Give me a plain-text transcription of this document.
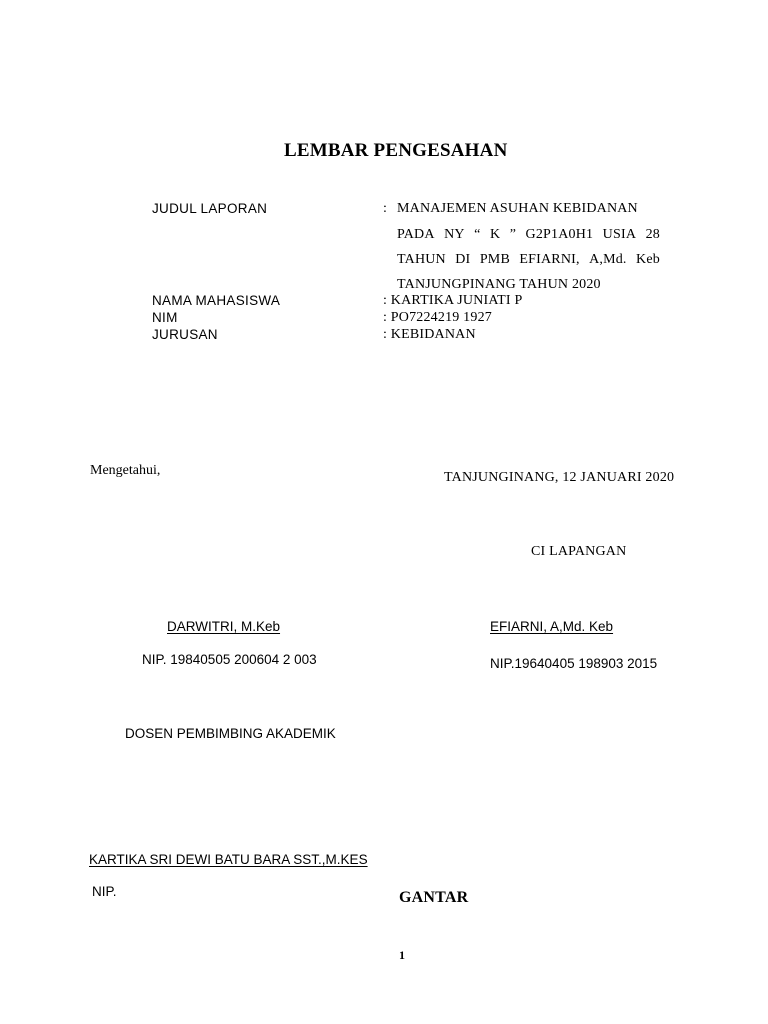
LEMBAR PENGESAHAN
JUDUL LAPORAN	: MANAJEMEN ASUHAN KEBIDANAN
PADA NY “ K ” G2P1A0H1 USIA 28
TAHUN DI PMB EFIARNI, A,Md. Keb
TANJUNGPINANG TAHUN 2020
NAMA MAHASISWA	: KARTIKA JUNIATI P
NIM	: PO7224219 1927
JURUSAN	: KEBIDANAN
Mengetahui,	TANJUNGINANG, 12 JANUARI 2020
CI LAPANGAN
DARWITRI, M.Keb
NIP. 19840505 200604 2 003
EFIARNI, A,Md. Keb
NIP.19640405 198903 2015
DOSEN PEMBIMBING AKADEMIK
KARTIKA SRI DEWI BATU BARA SST.,M.KES
NIP.	GANTAR
1
